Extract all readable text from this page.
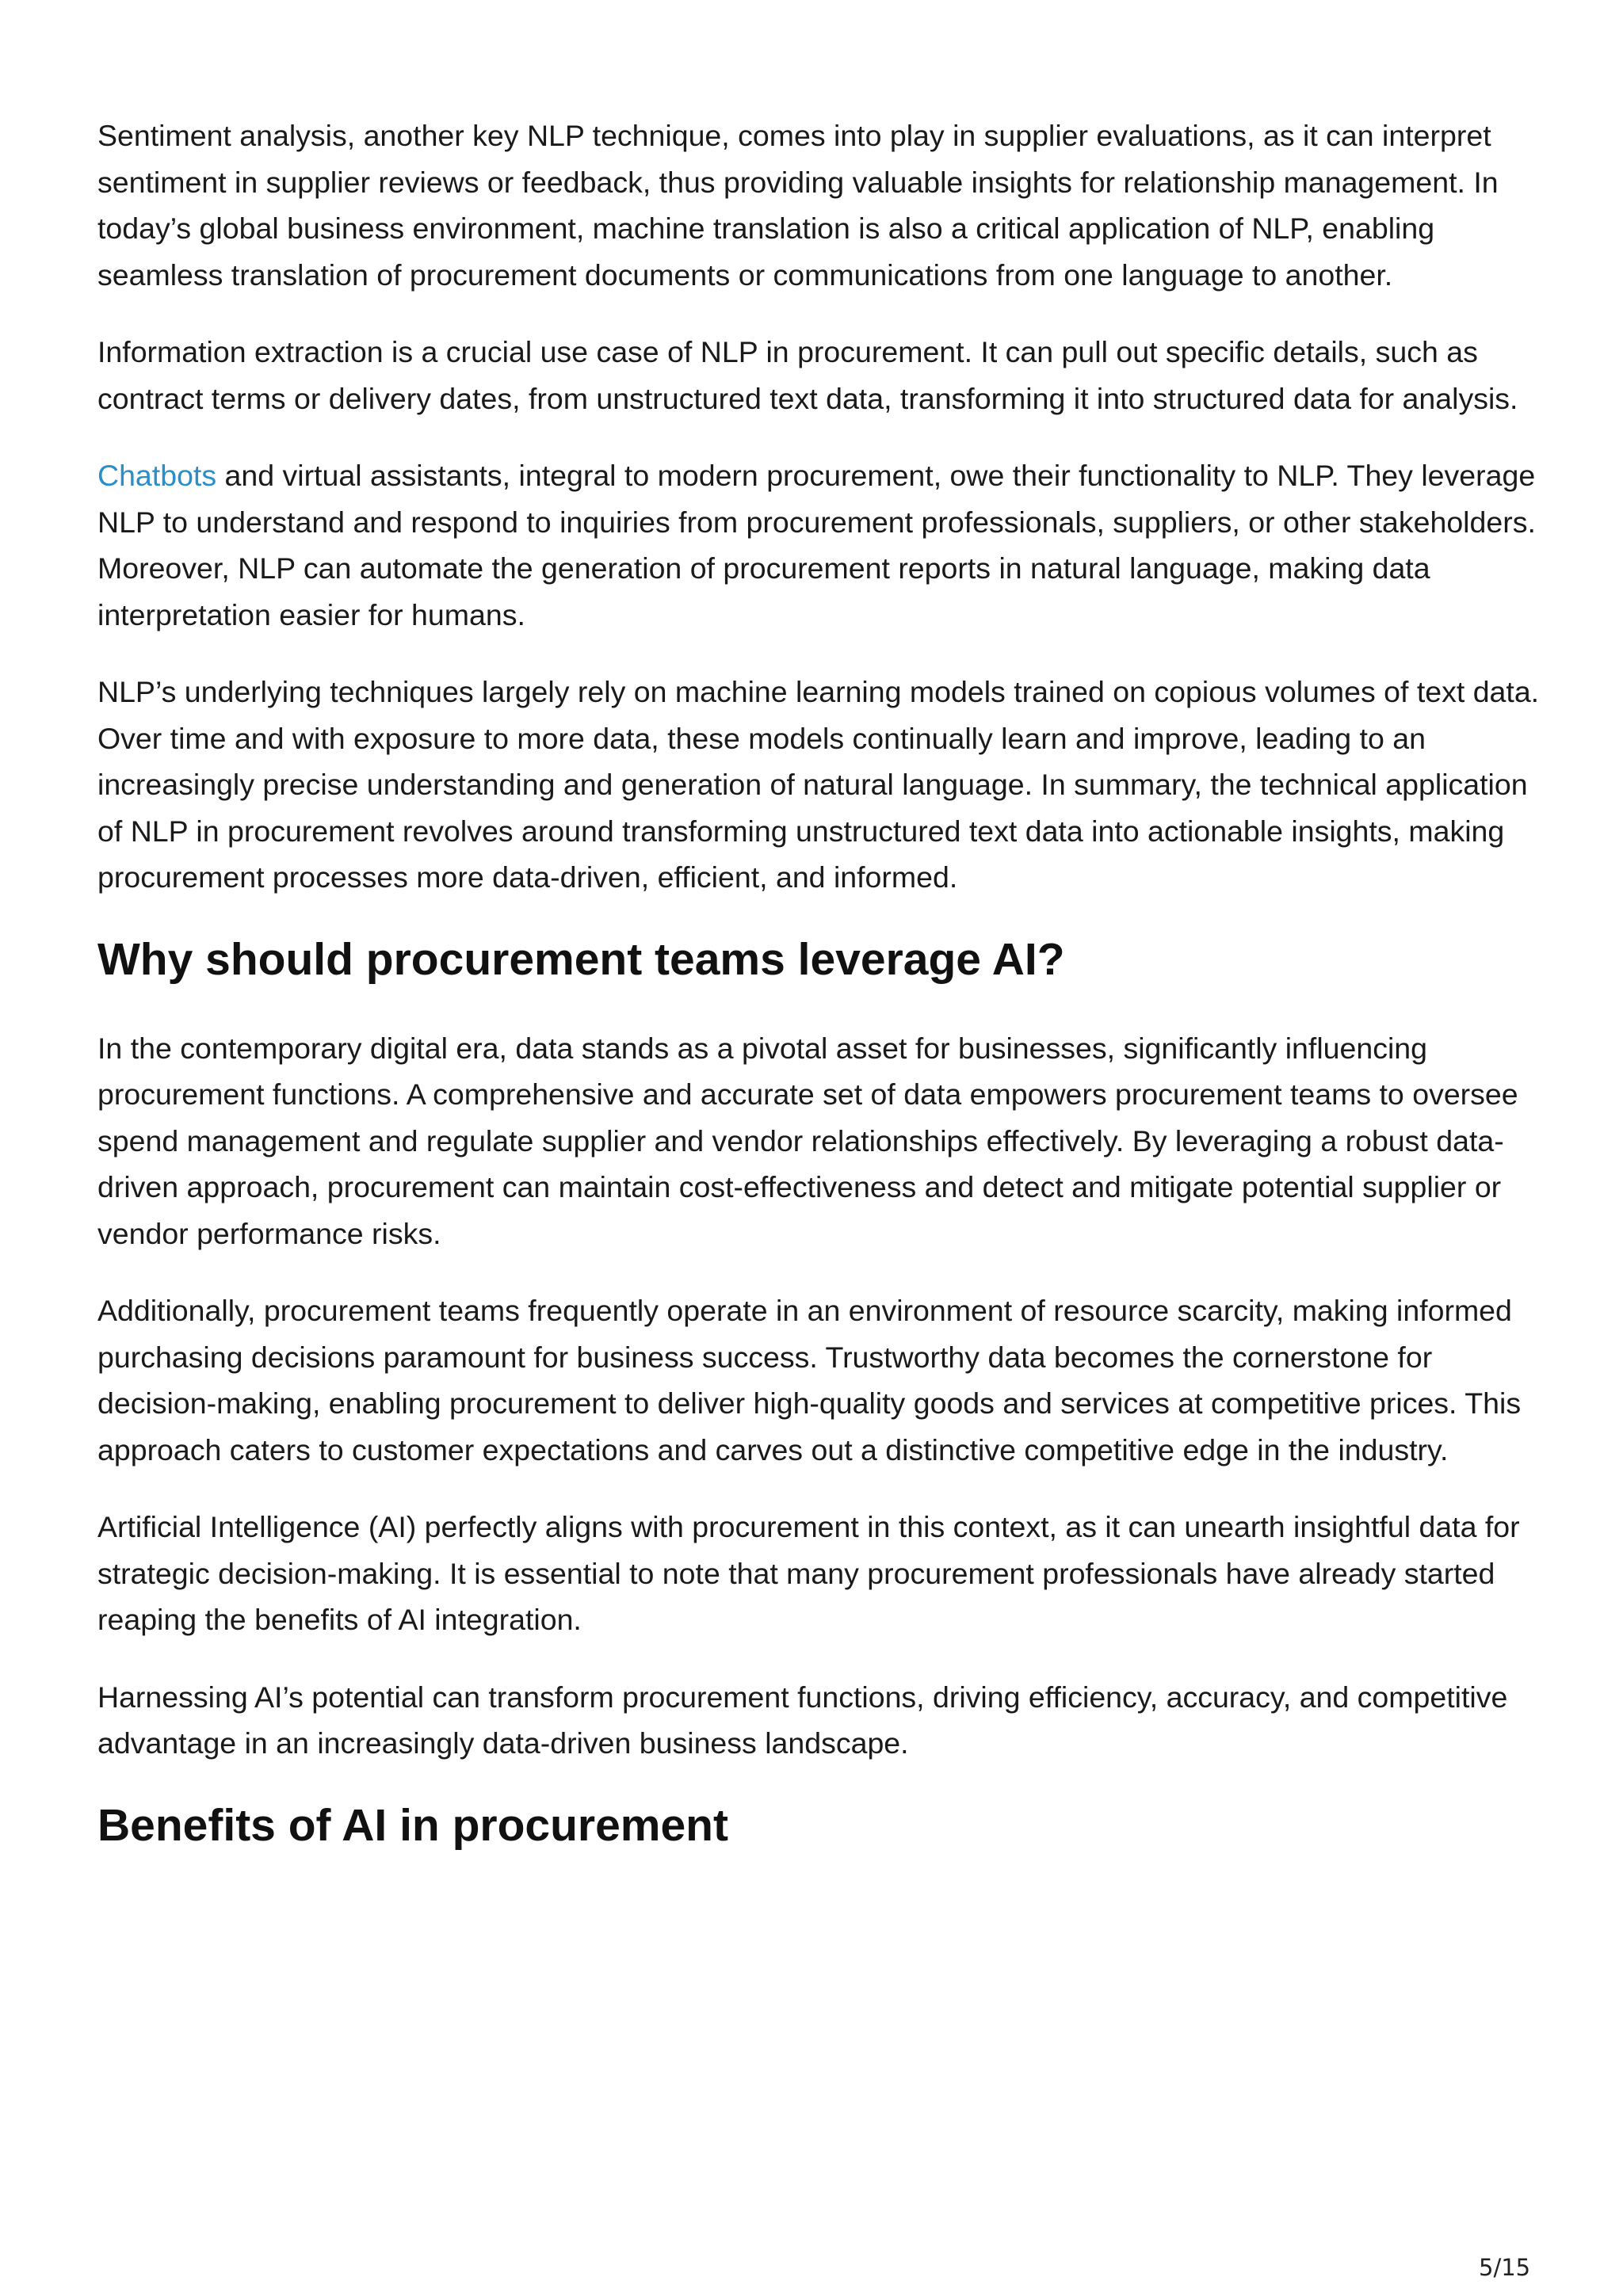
Sentiment analysis, another key NLP technique, comes into play in supplier evaluations, as it can interpret sentiment in supplier reviews or feedback, thus providing valuable insights for relationship management. In today’s global business environment, machine translation is also a critical application of NLP, enabling seamless translation of procurement documents or communications from one language to another.

Information extraction is a crucial use case of NLP in procurement. It can pull out specific details, such as contract terms or delivery dates, from unstructured text data, transforming it into structured data for analysis.

Chatbots and virtual assistants, integral to modern procurement, owe their functionality to NLP. They leverage NLP to understand and respond to inquiries from procurement professionals, suppliers, or other stakeholders. Moreover, NLP can automate the generation of procurement reports in natural language, making data interpretation easier for humans.

NLP’s underlying techniques largely rely on machine learning models trained on copious volumes of text data. Over time and with exposure to more data, these models continually learn and improve, leading to an increasingly precise understanding and generation of natural language. In summary, the technical application of NLP in procurement revolves around transforming unstructured text data into actionable insights, making procurement processes more data-driven, efficient, and informed.

Why should procurement teams leverage AI?

In the contemporary digital era, data stands as a pivotal asset for businesses, significantly influencing procurement functions. A comprehensive and accurate set of data empowers procurement teams to oversee spend management and regulate supplier and vendor relationships effectively. By leveraging a robust data-driven approach, procurement can maintain cost-effectiveness and detect and mitigate potential supplier or vendor performance risks.

Additionally, procurement teams frequently operate in an environment of resource scarcity, making informed purchasing decisions paramount for business success. Trustworthy data becomes the cornerstone for decision-making, enabling procurement to deliver high-quality goods and services at competitive prices. This approach caters to customer expectations and carves out a distinctive competitive edge in the industry.

Artificial Intelligence (AI) perfectly aligns with procurement in this context, as it can unearth insightful data for strategic decision-making. It is essential to note that many procurement professionals have already started reaping the benefits of AI integration.

Harnessing AI’s potential can transform procurement functions, driving efficiency, accuracy, and competitive advantage in an increasingly data-driven business landscape.

Benefits of AI in procurement
5/15
